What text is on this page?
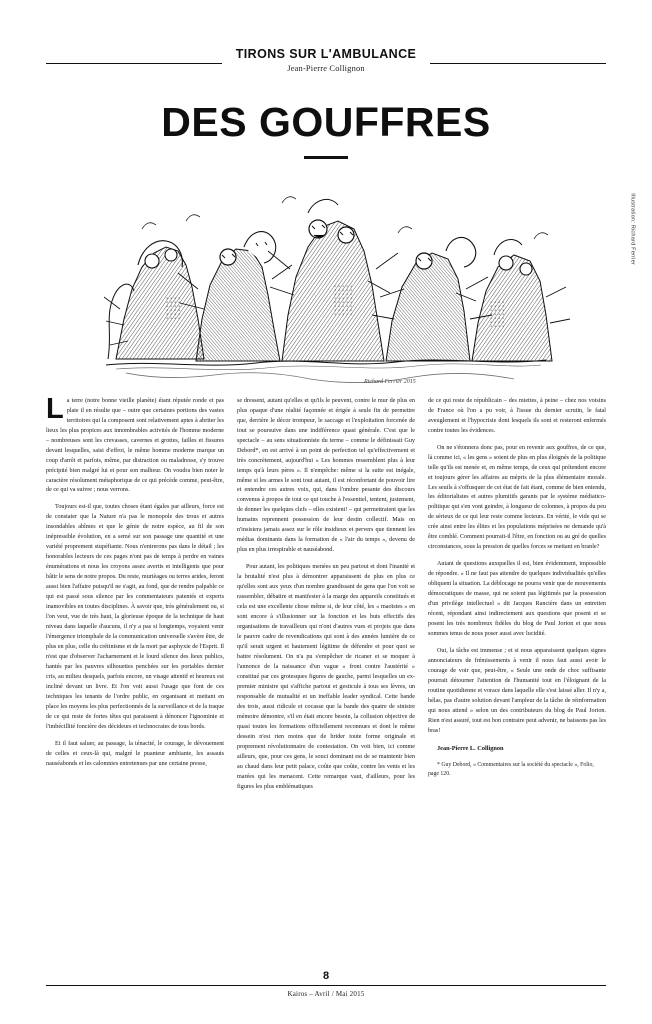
TIRONS SUR L'AMBULANCE
Jean-Pierre Collignon
DES GOUFFRES
Richard Ferrier 2015
Illustration: Richard Ferrier

La terre (notre bonne vieille planète) étant réputée ronde et pas plate il en résulte que – outre que certaines portions des vastes territoires qui la composent sont relativement aptes à abriter les lieux les plus propices aux innombrables activités de l'homme moderne – nombreuses sont les crevasses, cavernes et grottes, failles et fissures devant lesquelles, saisi d'effroi, le même homme moderne marque un coup d'arrêt et parfois, même, par distraction ou maladresse, s'y trouve précipité bien malgré lui et pour son malheur. On voudra bien noter le caractère résolument métaphorique de ce qui précède comme, peut-être, de ce qui va suivre ; nous verrons.

Toujours est-il que, toutes choses étant égales par ailleurs, force est de constater que la Nature n'a pas le monopole des trous et autres insondables abîmes et que le génie de notre espèce, au fil de son inépressible évolution, en a semé sur son passage une quantité et une variété proprement stupéfiante. Nous n'entrerons pas dans le détail ; les honorables lecteurs de ces pages n'ont pas de temps à perdre en vaines énumérations et nous les croyons assez avertis et intelligents que pour bâtir le sens de notre propos. Du reste, murièages ou terres arides, feront aussi bien l'affaire puisqu'il ne s'agit, au fond, que de rendre palpable ce qui est passé sous silence par les commentateurs patentés et experts inamovibles en toutes disciplines. À savoir que, très généralement ou, si l'on veut, vue de très haut, la glorieuse époque de la technique de haut niveau dans laquelle d'aucuns, il n'y a pas si longtemps, voyaient venir l'émergence triomphale de la communication universelle s'avère être, de plus en plus, celle du crétinisme et de la mort par asphyxie de l'Esprit. Il n'est que d'observer l'acharnement et le lourd silence des lieux publics, hantés par les pauvres silhouettes penchées sur les portables dernier cris, au milieu desquels, parfois encore, un visage attentif et heureux est incliné devant un livre. Et l'on voit aussi l'usage que font de ces techniques les tenants de l'ordre public, en organisant et mettant en place les moyens les plus perfectionnés de la surveillance et de la traque de ce qui reste de fortes têtes qui paraissent à dénoncer l'ignominie et l'imbécillité foncière des décideurs et technocrates de tous bords.

Et il faut saluer, au passage, la ténacité, le courage, le dévouement de celles et ceux-là qui, malgré le puanteur ambiante, les assauts nauséabonds et les calomnies entretenues par une certaine presse,

se dressent, autant qu'elles et qu'ils le peuvent, contre le mur de plus en plus opaque d'une réalité façonnée et érigée à seule fin de permettre que, derrière le décor trompeur, le saccage et l'exploitation forcenée de tout se poursuive dans une indifférence quasi générale. C'est que le spectacle – au sens situationniste du terme – comme le définissait Guy Debord*, en est arrivé à un point de perfection tel qu'effectivement et très concrètement, aujourd'hui « Les hommes ressemblent plus à leur temps qu'à leurs pères ». Il n'empêche: même si la suite est inégale, même si les armes le sont tout autant, il est réconfortant de pouvoir lire et entendre ces autres voix, qui, dans l'ombre pesante des discours convenus à propos de tout ce qui touche à l'essentiel, tentent, justement, de donner les quelques clefs – elles existent! – qui permettraient que les humains reprennent possession de leur destin collectif. Mais on n'insistera jamais assez sur le rôle insidieux et pervers que tiennent les médias dominants dans la formation de « l'air du temps », devenu de plus en plus irrespirable et nauséabond.

Pour autant, les politiques menées un peu partout et dont l'inanité et la brutalité n'est plus à démontrer apparaissent de plus en plus ce qu'elles sont aux yeux d'un nombre grandissant de gens que l'on voit se rassembler, débattre et manifester à la marge des appareils constitués et cela est une excellente chose même si, de leur côté, les « maoïstes » en sont encore à s'illusionner sur la fonction et les buts effectifs des organisations de travailleurs qui n'ont d'autres vues et projets que dans le pauvre cadre de revendications qui sont à des années lumière de ce qu'il serait urgent et hautement légitime de défendre et pour quoi se battre résolument. On n'a pu s'empêcher de ricaner et se moquer à l'annonce de la naissance d'un vague « front contre l'austérité » constitué par ces grotesques figures de gauche, parmi lesquelles un ex-premier ministre qui s'affiche partout et gesticule à tous ses lèvres, un responsable de mutualité et un ineffable leader syndical. Cette bande des trois, aussi ridicule et cocasse que la bande des quatre de sinistre mémoire démontre, s'il en était encore besoin, la collusion objective de quasi toutes les formations officiellement reconnues et dont le même dessein n'est rien moins que de brider toute forme originale et proprement révolutionnaire de contestation. On voit bien, ici comme ailleurs, que, pour ces gens, le souci dominant est de se maintenir bien au chaud dans leur petit palace, coûte que coûte, contre les vents et les marées qui les menacent. Cette remarque vaut, d'ailleurs, pour les figures les plus emblématiques

de ce qui reste de républicain – des miettes, à peine – chez nos voisins de France où l'on a pu voir, à l'issue du dernier scrutin, le fatal aveuglement et l'hypocrisie dont lesquels ils sont et resteront enfermés contre toutes les évidences.

On ne s'étonnera donc pas, pour en revenir aux gouffres, de ce que, là comme ici, « les gens » soient de plus en plus éloignés de la politique telle qu'ils est menée et, en même temps, de ceux qui prétendent encore et toujours gérer les affaires au mépris de la plus élémentaire morale. Les seuils à s'offusquer de cet état de fait étant, comme de bien entendu, les éditorialistes et autres plumitifs garants par le système médiatico-politique qui s'en vont geindre, à longueur de colonnes, à propos du peu de sérieux de ce qui leur reste comme lecteurs. En vérité, le vide qui se crée ainsi entre les élites et les populations méprisées ne demande qu'à être comblé. Comment pourrait-il l'être, en fonction ou au gré de quelles circonstances, sous la pression de quelles forces se mettant en branle?

Autant de questions auxquelles il est, bien évidemment, impossible de répondre. « Il ne faut pas attendre de quelques individualités qu'elles obliquent la situation. La déblocage ne pourra venir que de mouvements démocratiques de masse, qui ne soient pas légitimés par la possession d'un privilège intellectuel » dit Jacques Rancière dans un entretien récent, répondant ainsi indirectement aux questions que posent et se posent les très nombreux fidèles du blog de Paul Jorion et que nous sommes tenus de nous poser aussi avec lucidité.

Oui, la tâche est immense ; et si nous apparaissent quelques signes annonciateurs de frémissements à venir il nous faut aussi avoir le courage de voir que, peut-être, « Seule une onde de choc suffisante pourrait détourner l'attention de l'humanité tout en l'éloignant de la routine quotidienne et vorace dans laquelle elle s'est laissé aller. Il n'y a, hélas, pas d'autre solution devant l'ampleur de la tâche de réinformation qui nous attend » selon un des contributeurs du blog de Paul Jorion. Rien n'est assuré, tout est bon contraire peut advenir, ne baissons pas les bras!

Jean-Pierre L. Collignon

* Guy Debord, « Commentaires sur la société du spectacle », Folio, page 120.

8
Kairos – Avril / Mai 2015
